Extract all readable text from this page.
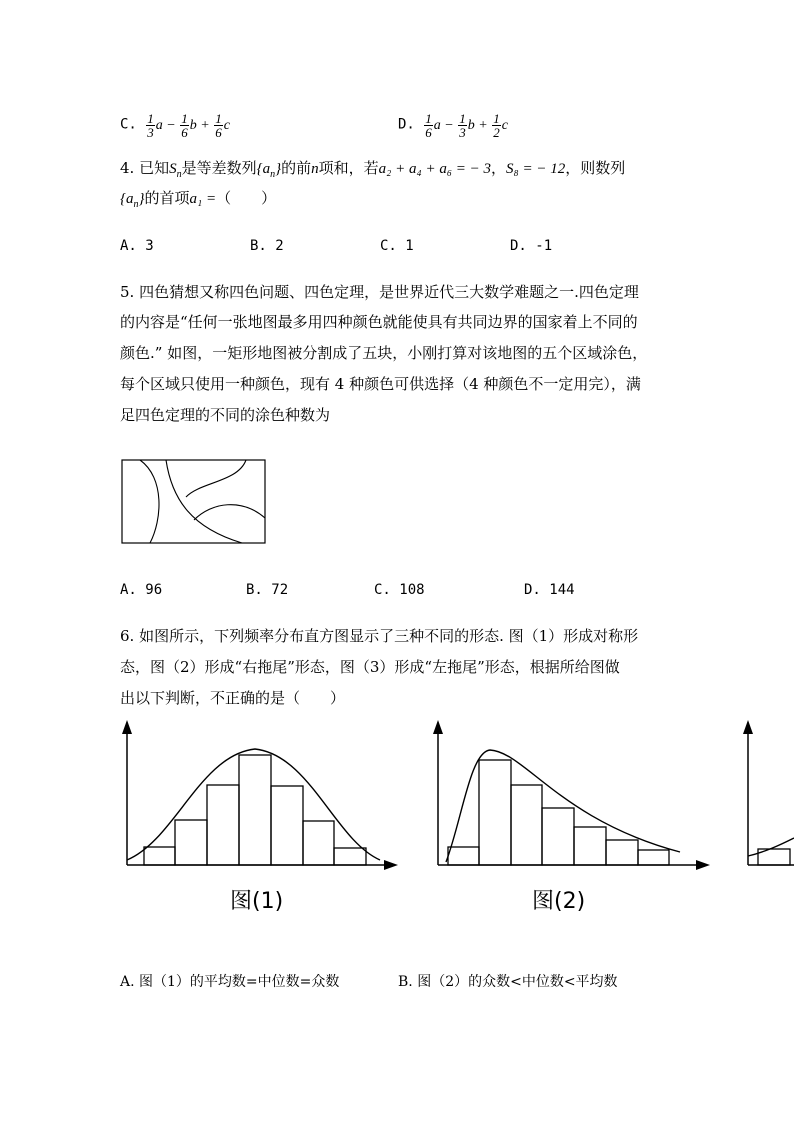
C. $\frac{1}{3}$ $a - \frac{1}{6}$ $b + \frac{1}{6}$ c	D. $\frac{1}{6}$ $a - \frac{1}{3}$ $b + \frac{1}{2}$ c
4. 已知$S_n$是等差数列$\{a_n\}$的前n项和，若a₂ + a₄ + a₆ = − 3，S₈ = − 12，则数列
$\{a_n\}$的首项a₁ =（　　）
A. 3	B. 2	C. 1	D. -1
5. 四色猜想又称四色问题、四色定理，是世界近代三大数学难题之一.四色定理
的内容是“任何一张地图最多用四种颜色就能使具有共同边界的国家着上不同的
颜色.” 如图，一矩形地图被分割成了五块，小刚打算对该地图的五个区域涂色，
每个区域只使用一种颜色，现有 4 种颜色可供选择（4 种颜色不一定用完），满
足四色定理的不同的涂色种数为
A. 96	B. 72	C. 108	D. 144
6. 如图所示，下列频率分布直方图显示了三种不同的形态. 图（1）形成对称形
态，图（2）形成“右拖尾”形态，图（3）形成“左拖尾”形态，根据所给图做
出以下判断，不正确的是（　　）
图(1)	图(2)
A. 图（1）的平均数=中位数=众数	B. 图（2）的众数<中位数<平均数
